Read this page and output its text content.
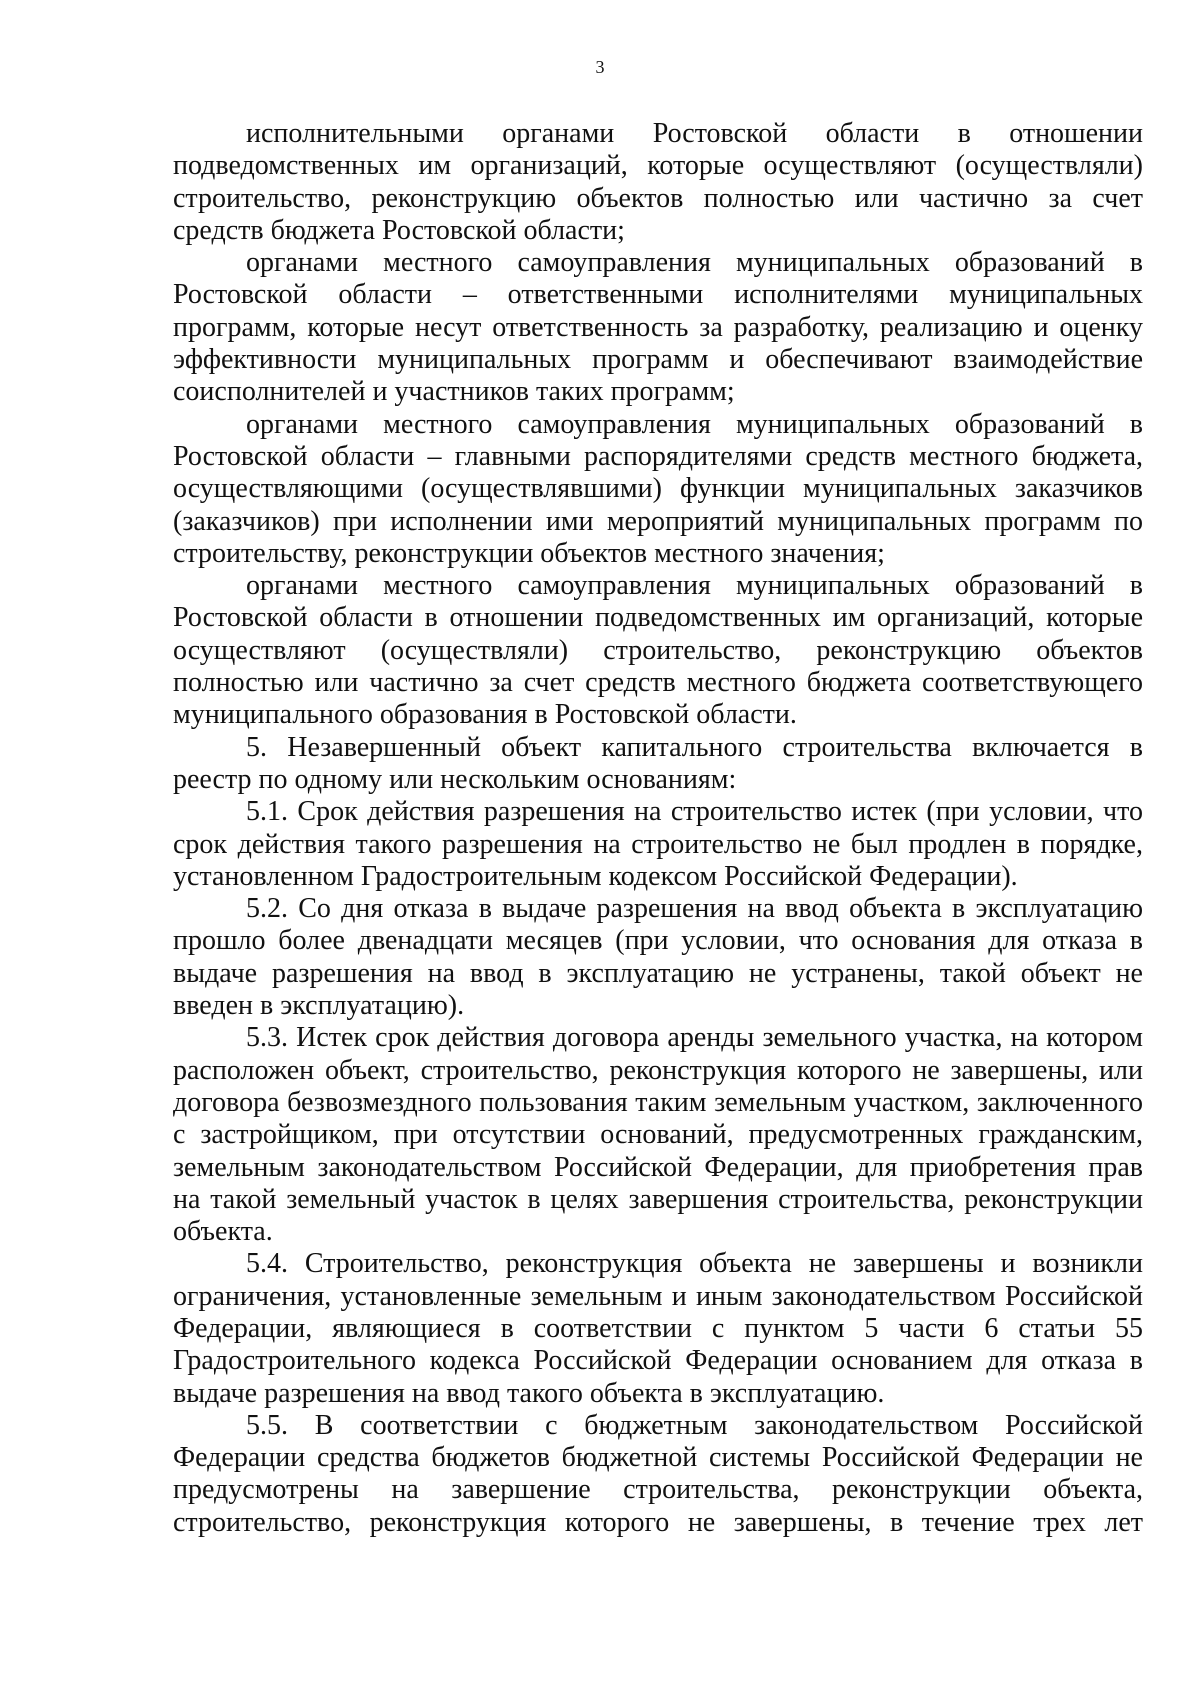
3

исполнительными органами Ростовской области в отношении подведомственных им организаций, которые осуществляют (осуществляли) строительство, реконструкцию объектов полностью или частично за счет средств бюджета Ростовской области;

органами местного самоуправления муниципальных образований в Ростовской области – ответственными исполнителями муниципальных программ, которые несут ответственность за разработку, реализацию и оценку эффективности муниципальных программ и обеспечивают взаимодействие соисполнителей и участников таких программ;

органами местного самоуправления муниципальных образований в Ростовской области – главными распорядителями средств местного бюджета, осуществляющими (осуществлявшими) функции муниципальных заказчиков (заказчиков) при исполнении ими мероприятий муниципальных программ по строительству, реконструкции объектов местного значения;

органами местного самоуправления муниципальных образований в Ростовской области в отношении подведомственных им организаций, которые осуществляют (осуществляли) строительство, реконструкцию объектов полностью или частично за счет средств местного бюджета соответствующего муниципального образования в Ростовской области.

5. Незавершенный объект капитального строительства включается в реестр по одному или нескольким основаниям:

5.1. Срок действия разрешения на строительство истек (при условии, что срок действия такого разрешения на строительство не был продлен в порядке, установленном Градостроительным кодексом Российской Федерации).

5.2. Со дня отказа в выдаче разрешения на ввод объекта в эксплуатацию прошло более двенадцати месяцев (при условии, что основания для отказа в выдаче разрешения на ввод в эксплуатацию не устранены, такой объект не введен в эксплуатацию).

5.3. Истек срок действия договора аренды земельного участка, на котором расположен объект, строительство, реконструкция которого не завершены, или договора безвозмездного пользования таким земельным участком, заключенного с застройщиком, при отсутствии оснований, предусмотренных гражданским, земельным законодательством Российской Федерации, для приобретения прав на такой земельный участок в целях завершения строительства, реконструкции объекта.

5.4. Строительство, реконструкция объекта не завершены и возникли ограничения, установленные земельным и иным законодательством Российской Федерации, являющиеся в соответствии с пунктом 5 части 6 статьи 55 Градостроительного кодекса Российской Федерации основанием для отказа в выдаче разрешения на ввод такого объекта в эксплуатацию.

5.5. В соответствии с бюджетным законодательством Российской Федерации средства бюджетов бюджетной системы Российской Федерации не предусмотрены на завершение строительства, реконструкции объекта, строительство, реконструкция которого не завершены, в течение трех лет
